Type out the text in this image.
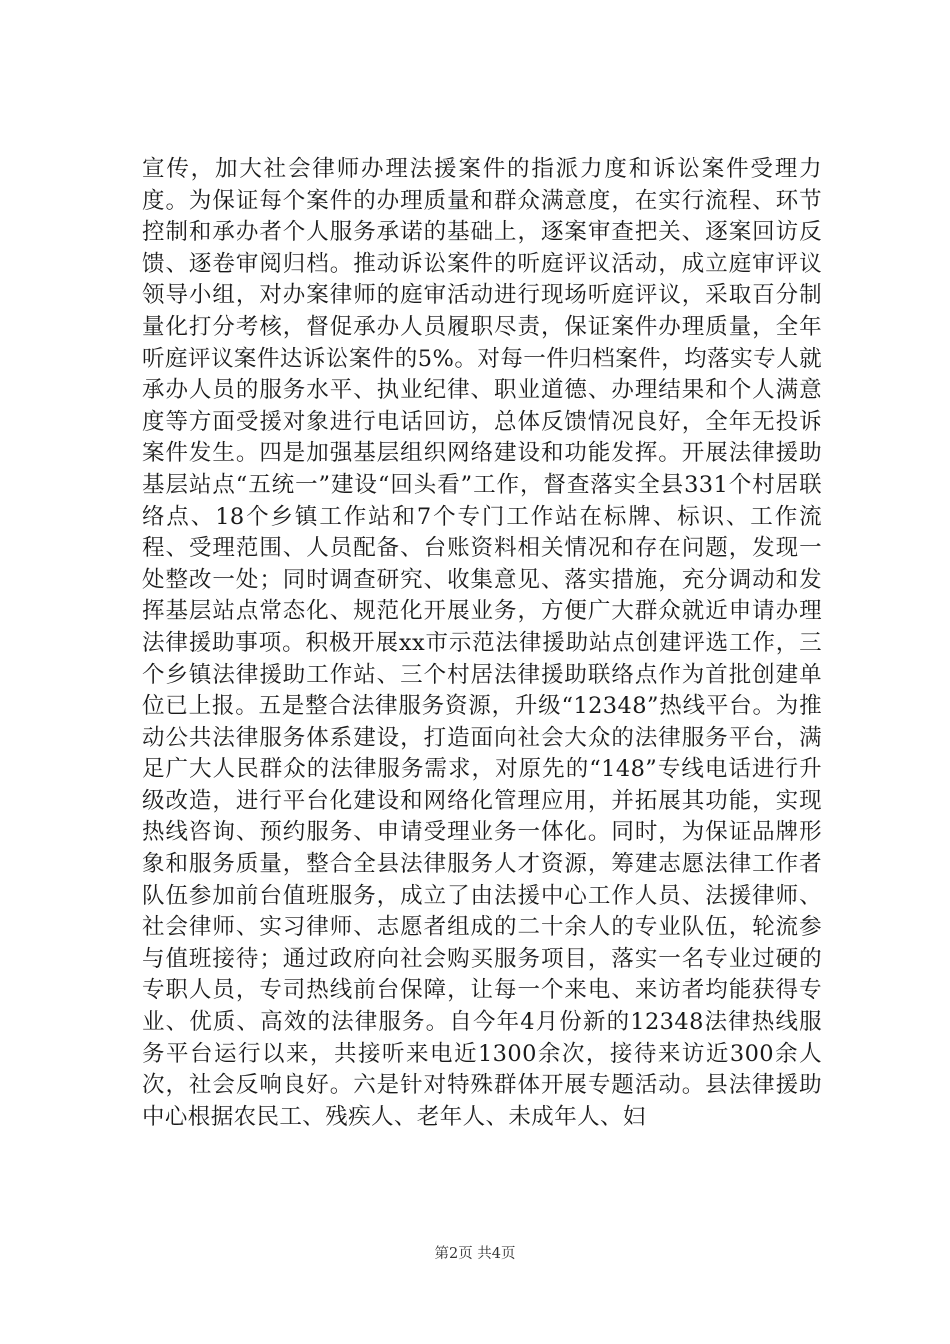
宣传，加大社会律师办理法援案件的指派力度和诉讼案件受理力度。为保证每个案件的办理质量和群众满意度，在实行流程、环节控制和承办者个人服务承诺的基础上，逐案审查把关、逐案回访反馈、逐卷审阅归档。推动诉讼案件的听庭评议活动，成立庭审评议领导小组，对办案律师的庭审活动进行现场听庭评议，采取百分制量化打分考核，督促承办人员履职尽责，保证案件办理质量，全年听庭评议案件达诉讼案件的5%。对每一件归档案件，均落实专人就承办人员的服务水平、执业纪律、职业道德、办理结果和个人满意度等方面受援对象进行电话回访，总体反馈情况良好，全年无投诉案件发生。四是加强基层组织网络建设和功能发挥。开展法律援助基层站点“五统一”建设“回头看”工作，督查落实全县331个村居联络点、18个乡镇工作站和7个专门工作站在标牌、标识、工作流程、受理范围、人员配备、台账资料相关情况和存在问题，发现一处整改一处；同时调查研究、收集意见、落实措施，充分调动和发挥基层站点常态化、规范化开展业务，方便广大群众就近申请办理法律援助事项。积极开展xx市示范法律援助站点创建评选工作，三个乡镇法律援助工作站、三个村居法律援助联络点作为首批创建单位已上报。五是整合法律服务资源，升级“12348”热线平台。为推动公共法律服务体系建设，打造面向社会大众的法律服务平台，满足广大人民群众的法律服务需求，对原先的“148”专线电话进行升级改造，进行平台化建设和网络化管理应用，并拓展其功能，实现热线咨询、预约服务、申请受理业务一体化。同时，为保证品牌形象和服务质量，整合全县法律服务人才资源，筹建志愿法律工作者队伍参加前台值班服务，成立了由法援中心工作人员、法援律师、社会律师、实习律师、志愿者组成的二十余人的专业队伍，轮流参与值班接待；通过政府向社会购买服务项目，落实一名专业过硬的专职人员，专司热线前台保障，让每一个来电、来访者均能获得专业、优质、高效的法律服务。自今年4月份新的12348法律热线服务平台运行以来，共接听来电近1300余次，接待来访近300余人次，社会反响良好。六是针对特殊群体开展专题活动。县法律援助中心根据农民工、残疾人、老年人、未成年人、妇

第2页 共4页
